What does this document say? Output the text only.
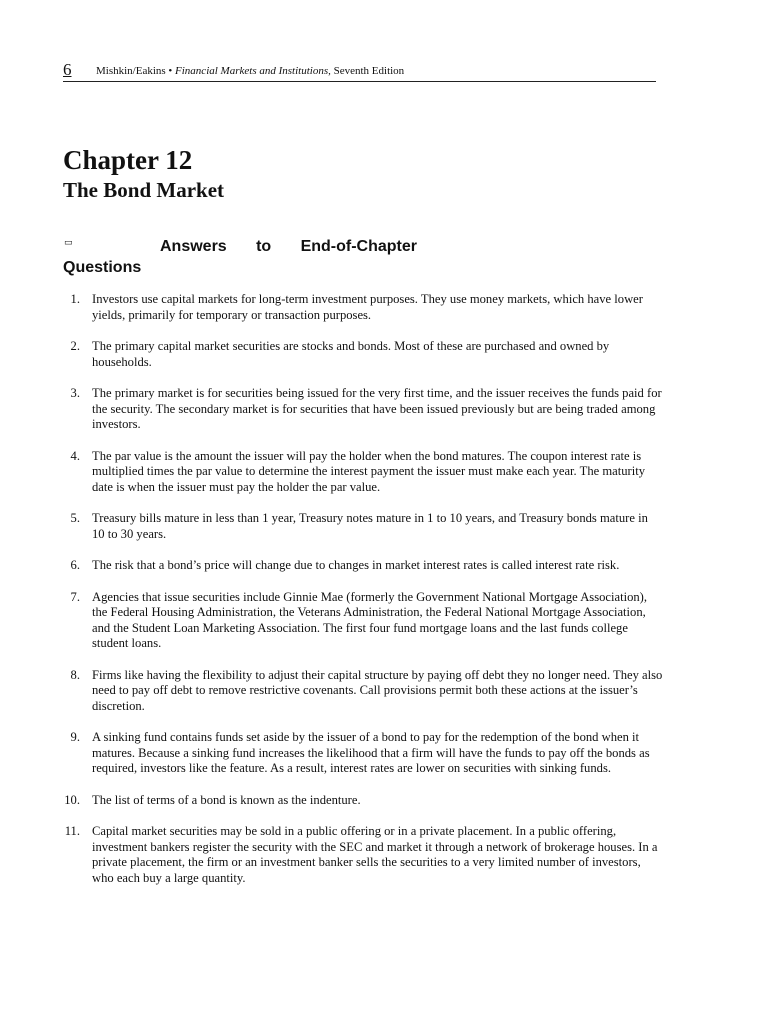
6 Mishkin/Eakins • Financial Markets and Institutions, Seventh Edition
Chapter 12
The Bond Market
▭	Answers to End-of-Chapter
Questions
1. Investors use capital markets for long-term investment purposes. They use money markets, which have lower yields, primarily for temporary or transaction purposes.
2. The primary capital market securities are stocks and bonds. Most of these are purchased and owned by households.
3. The primary market is for securities being issued for the very first time, and the issuer receives the funds paid for the security. The secondary market is for securities that have been issued previously but are being traded among investors.
4. The par value is the amount the issuer will pay the holder when the bond matures. The coupon interest rate is multiplied times the par value to determine the interest payment the issuer must make each year. The maturity date is when the issuer must pay the holder the par value.
5. Treasury bills mature in less than 1 year, Treasury notes mature in 1 to 10 years, and Treasury bonds mature in 10 to 30 years.
6. The risk that a bond’s price will change due to changes in market interest rates is called interest rate risk.
7. Agencies that issue securities include Ginnie Mae (formerly the Government National Mortgage Association), the Federal Housing Administration, the Veterans Administration, the Federal National Mortgage Association, and the Student Loan Marketing Association. The first four fund mortgage loans and the last funds college student loans.
8. Firms like having the flexibility to adjust their capital structure by paying off debt they no longer need. They also need to pay off debt to remove restrictive covenants. Call provisions permit both these actions at the issuer’s discretion.
9. A sinking fund contains funds set aside by the issuer of a bond to pay for the redemption of the bond when it matures. Because a sinking fund increases the likelihood that a firm will have the funds to pay off the bonds as required, investors like the feature. As a result, interest rates are lower on securities with sinking funds.
10. The list of terms of a bond is known as the indenture.
11. Capital market securities may be sold in a public offering or in a private placement. In a public offering, investment bankers register the security with the SEC and market it through a network of brokerage houses. In a private placement, the firm or an investment banker sells the securities to a very limited number of investors, who each buy a large quantity.
